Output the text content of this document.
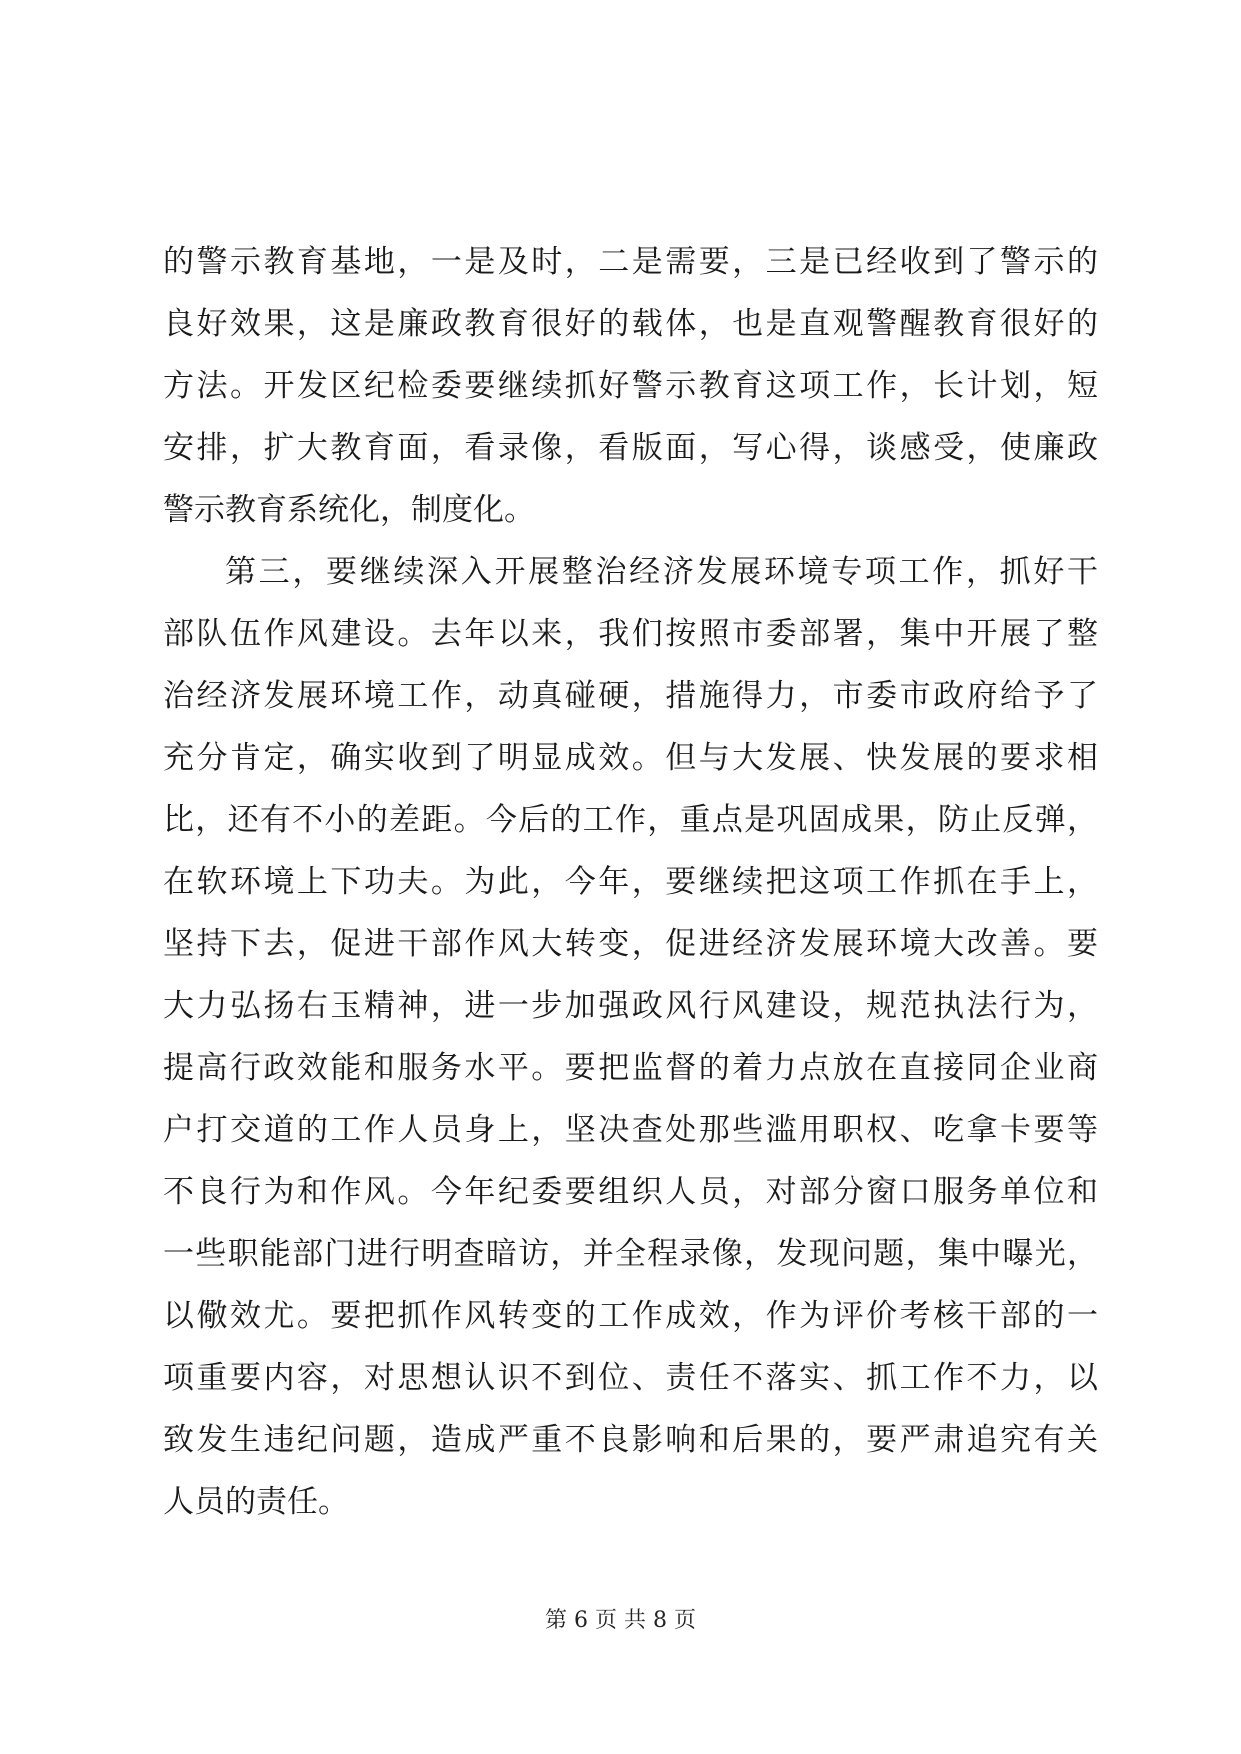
的警示教育基地，一是及时，二是需要，三是已经收到了警示的
良好效果，这是廉政教育很好的载体，也是直观警醒教育很好的
方法。开发区纪检委要继续抓好警示教育这项工作，长计划，短
安排，扩大教育面，看录像，看版面，写心得，谈感受，使廉政
警示教育系统化，制度化。
第三，要继续深入开展整治经济发展环境专项工作，抓好干
部队伍作风建设。去年以来，我们按照市委部署，集中开展了整
治经济发展环境工作，动真碰硬，措施得力，市委市政府给予了
充分肯定，确实收到了明显成效。但与大发展、快发展的要求相
比，还有不小的差距。今后的工作，重点是巩固成果，防止反弹，
在软环境上下功夫。为此，今年，要继续把这项工作抓在手上，
坚持下去，促进干部作风大转变，促进经济发展环境大改善。要
大力弘扬右玉精神，进一步加强政风行风建设，规范执法行为，
提高行政效能和服务水平。要把监督的着力点放在直接同企业商
户打交道的工作人员身上，坚决查处那些滥用职权、吃拿卡要等
不良行为和作风。今年纪委要组织人员，对部分窗口服务单位和
一些职能部门进行明查暗访，并全程录像，发现问题，集中曝光，
以儆效尤。要把抓作风转变的工作成效，作为评价考核干部的一
项重要内容，对思想认识不到位、责任不落实、抓工作不力，以
致发生违纪问题，造成严重不良影响和后果的，要严肃追究有关
人员的责任。
第 6 页 共 8 页
